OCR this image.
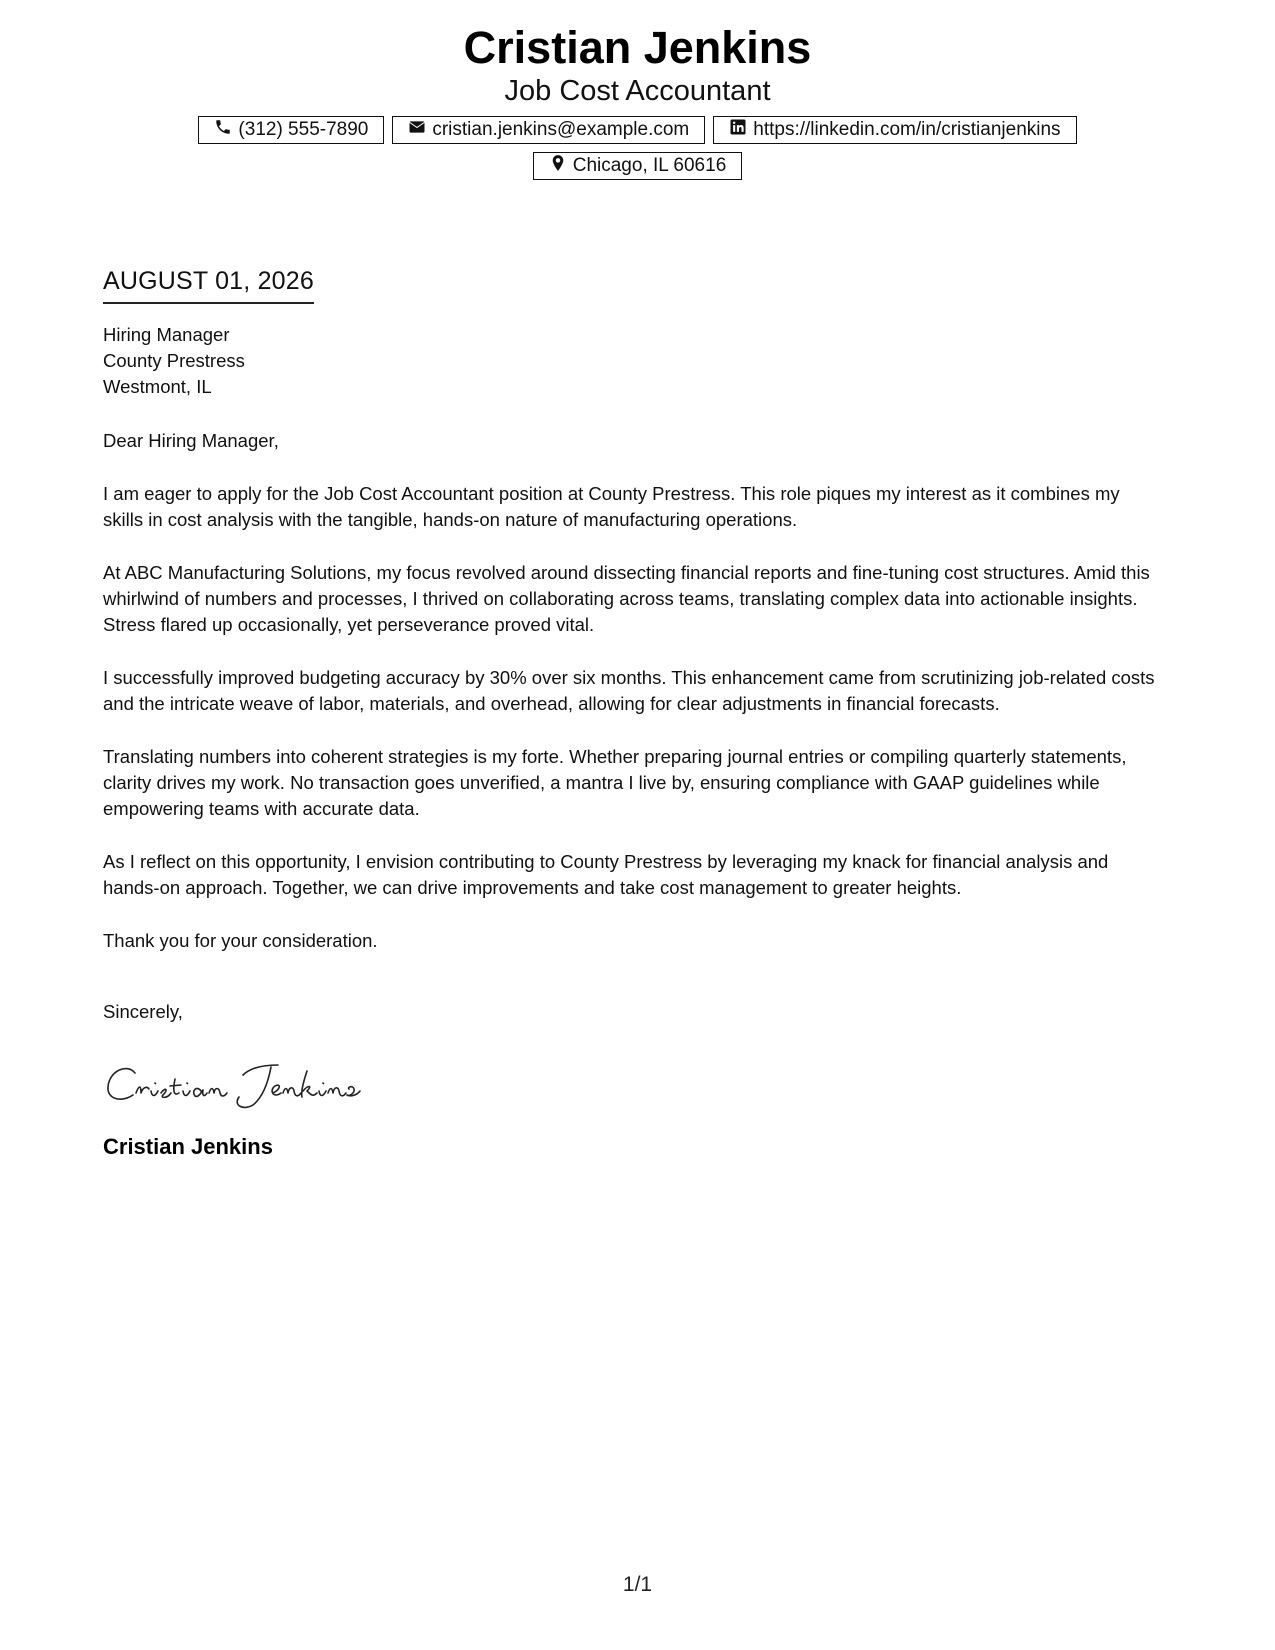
Cristian Jenkins
Job Cost Accountant
(312) 555-7890	cristian.jenkins@example.com	https://linkedin.com/in/cristianjenkins
Chicago, IL 60616
AUGUST 01, 2026
Hiring Manager
County Prestress
Westmont, IL
Dear Hiring Manager,
I am eager to apply for the Job Cost Accountant position at County Prestress. This role piques my interest as it combines my skills in cost analysis with the tangible, hands-on nature of manufacturing operations.
At ABC Manufacturing Solutions, my focus revolved around dissecting financial reports and fine-tuning cost structures. Amid this whirlwind of numbers and processes, I thrived on collaborating across teams, translating complex data into actionable insights. Stress flared up occasionally, yet perseverance proved vital.
I successfully improved budgeting accuracy by 30% over six months. This enhancement came from scrutinizing job-related costs and the intricate weave of labor, materials, and overhead, allowing for clear adjustments in financial forecasts.
Translating numbers into coherent strategies is my forte. Whether preparing journal entries or compiling quarterly statements, clarity drives my work. No transaction goes unverified, a mantra I live by, ensuring compliance with GAAP guidelines while empowering teams with accurate data.
As I reflect on this opportunity, I envision contributing to County Prestress by leveraging my knack for financial analysis and hands-on approach. Together, we can drive improvements and take cost management to greater heights.
Thank you for your consideration.
Sincerely,
Cristian Jenkins
1/1
